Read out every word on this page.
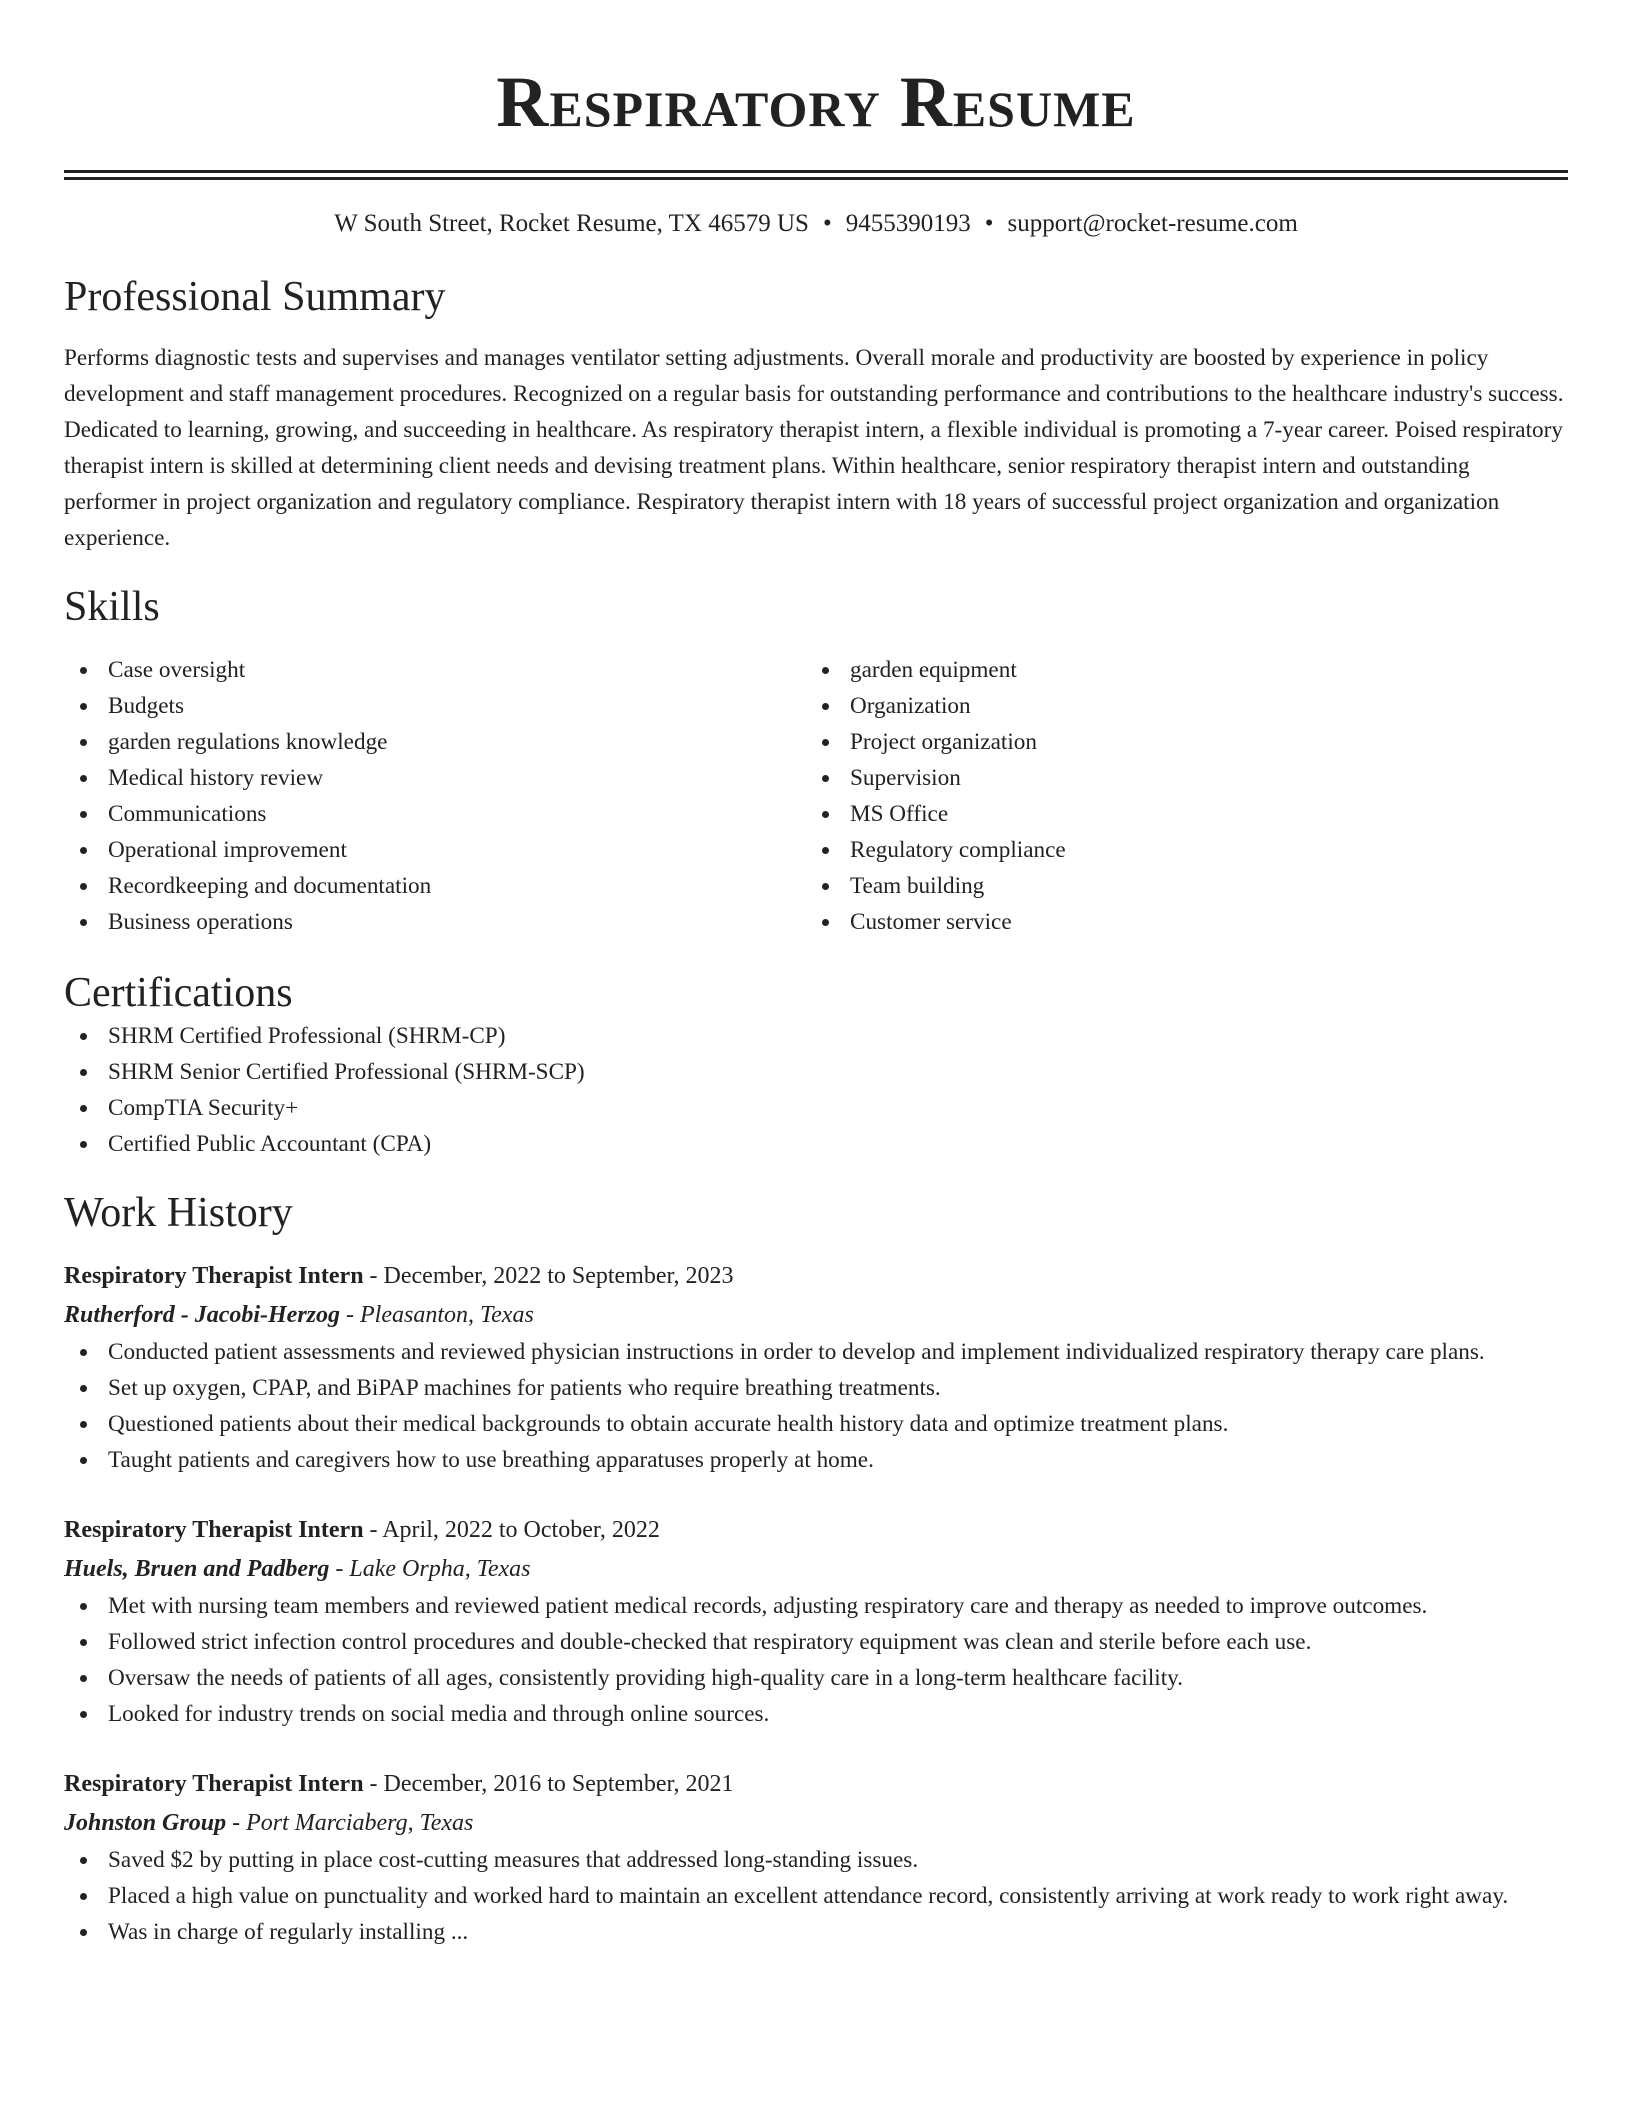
Respiratory Resume
W South Street, Rocket Resume, TX 46579 US • 9455390193 • support@rocket-resume.com
Professional Summary

Performs diagnostic tests and supervises and manages ventilator setting adjustments. Overall morale and productivity are boosted by experience in policy development and staff management procedures. Recognized on a regular basis for outstanding performance and contributions to the healthcare industry's success. Dedicated to learning, growing, and succeeding in healthcare. As respiratory therapist intern, a flexible individual is promoting a 7-year career. Poised respiratory therapist intern is skilled at determining client needs and devising treatment plans. Within healthcare, senior respiratory therapist intern and outstanding performer in project organization and regulatory compliance. Respiratory therapist intern with 18 years of successful project organization and organization experience.

Skills
Case oversight
Budgets
garden regulations knowledge
Medical history review
Communications
Operational improvement
Recordkeeping and documentation
Business operations
garden equipment
Organization
Project organization
Supervision
MS Office
Regulatory compliance
Team building
Customer service
Certifications
SHRM Certified Professional (SHRM-CP)
SHRM Senior Certified Professional (SHRM-SCP)
CompTIA Security+
Certified Public Accountant (CPA)
Work History
Respiratory Therapist Intern - December, 2022 to September, 2023
Rutherford - Jacobi-Herzog - Pleasanton, Texas
Conducted patient assessments and reviewed physician instructions in order to develop and implement individualized respiratory therapy care plans.
Set up oxygen, CPAP, and BiPAP machines for patients who require breathing treatments.
Questioned patients about their medical backgrounds to obtain accurate health history data and optimize treatment plans.
Taught patients and caregivers how to use breathing apparatuses properly at home.
Respiratory Therapist Intern - April, 2022 to October, 2022
Huels, Bruen and Padberg - Lake Orpha, Texas
Met with nursing team members and reviewed patient medical records, adjusting respiratory care and therapy as needed to improve outcomes.
Followed strict infection control procedures and double-checked that respiratory equipment was clean and sterile before each use.
Oversaw the needs of patients of all ages, consistently providing high-quality care in a long-term healthcare facility.
Looked for industry trends on social media and through online sources.
Respiratory Therapist Intern - December, 2016 to September, 2021
Johnston Group - Port Marciaberg, Texas
Saved $2 by putting in place cost-cutting measures that addressed long-standing issues.
Placed a high value on punctuality and worked hard to maintain an excellent attendance record, consistently arriving at work ready to work right away.
Was in charge of regularly installing ...
